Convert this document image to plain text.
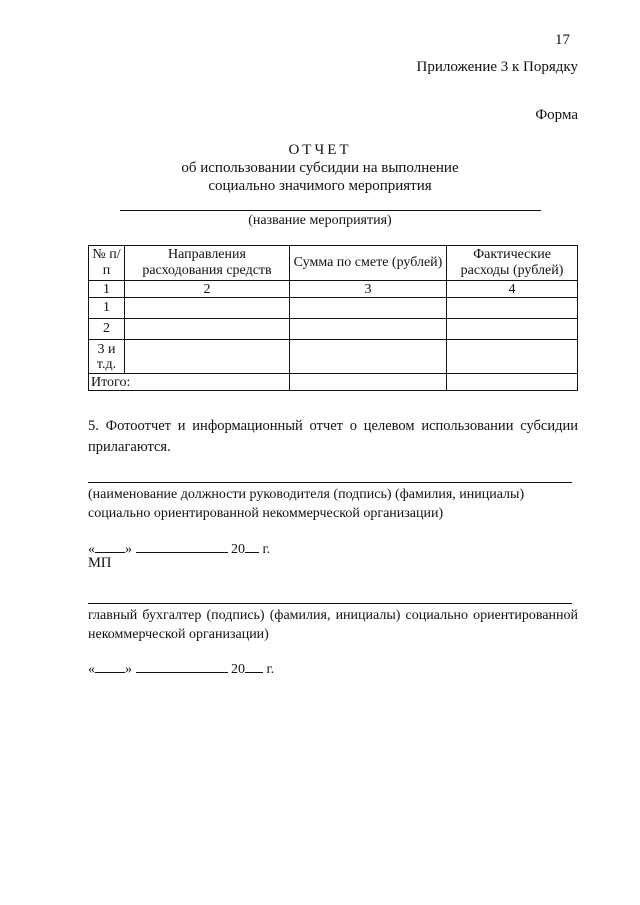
17
Приложение 3 к Порядку
Форма
ОТЧЕТ
об использовании субсидии на выполнение
социально значимого мероприятия
(название мероприятия)
№ п/п	Направления расходования средств	Сумма по смете (рублей)	Фактические расходы (рублей)
1	2	3	4
1			
2			
3 и т.д.			
Итого:			
5. Фотоотчет и информационный отчет о целевом использовании субсидии прилагаются.
(наименование должности руководителя (подпись) (фамилия, инициалы) социально ориентированной некоммерческой организации)
« »	20 г.
МП
главный бухгалтер (подпись) (фамилия, инициалы) социально ориентированной некоммерческой организации)
« »	20 г.
